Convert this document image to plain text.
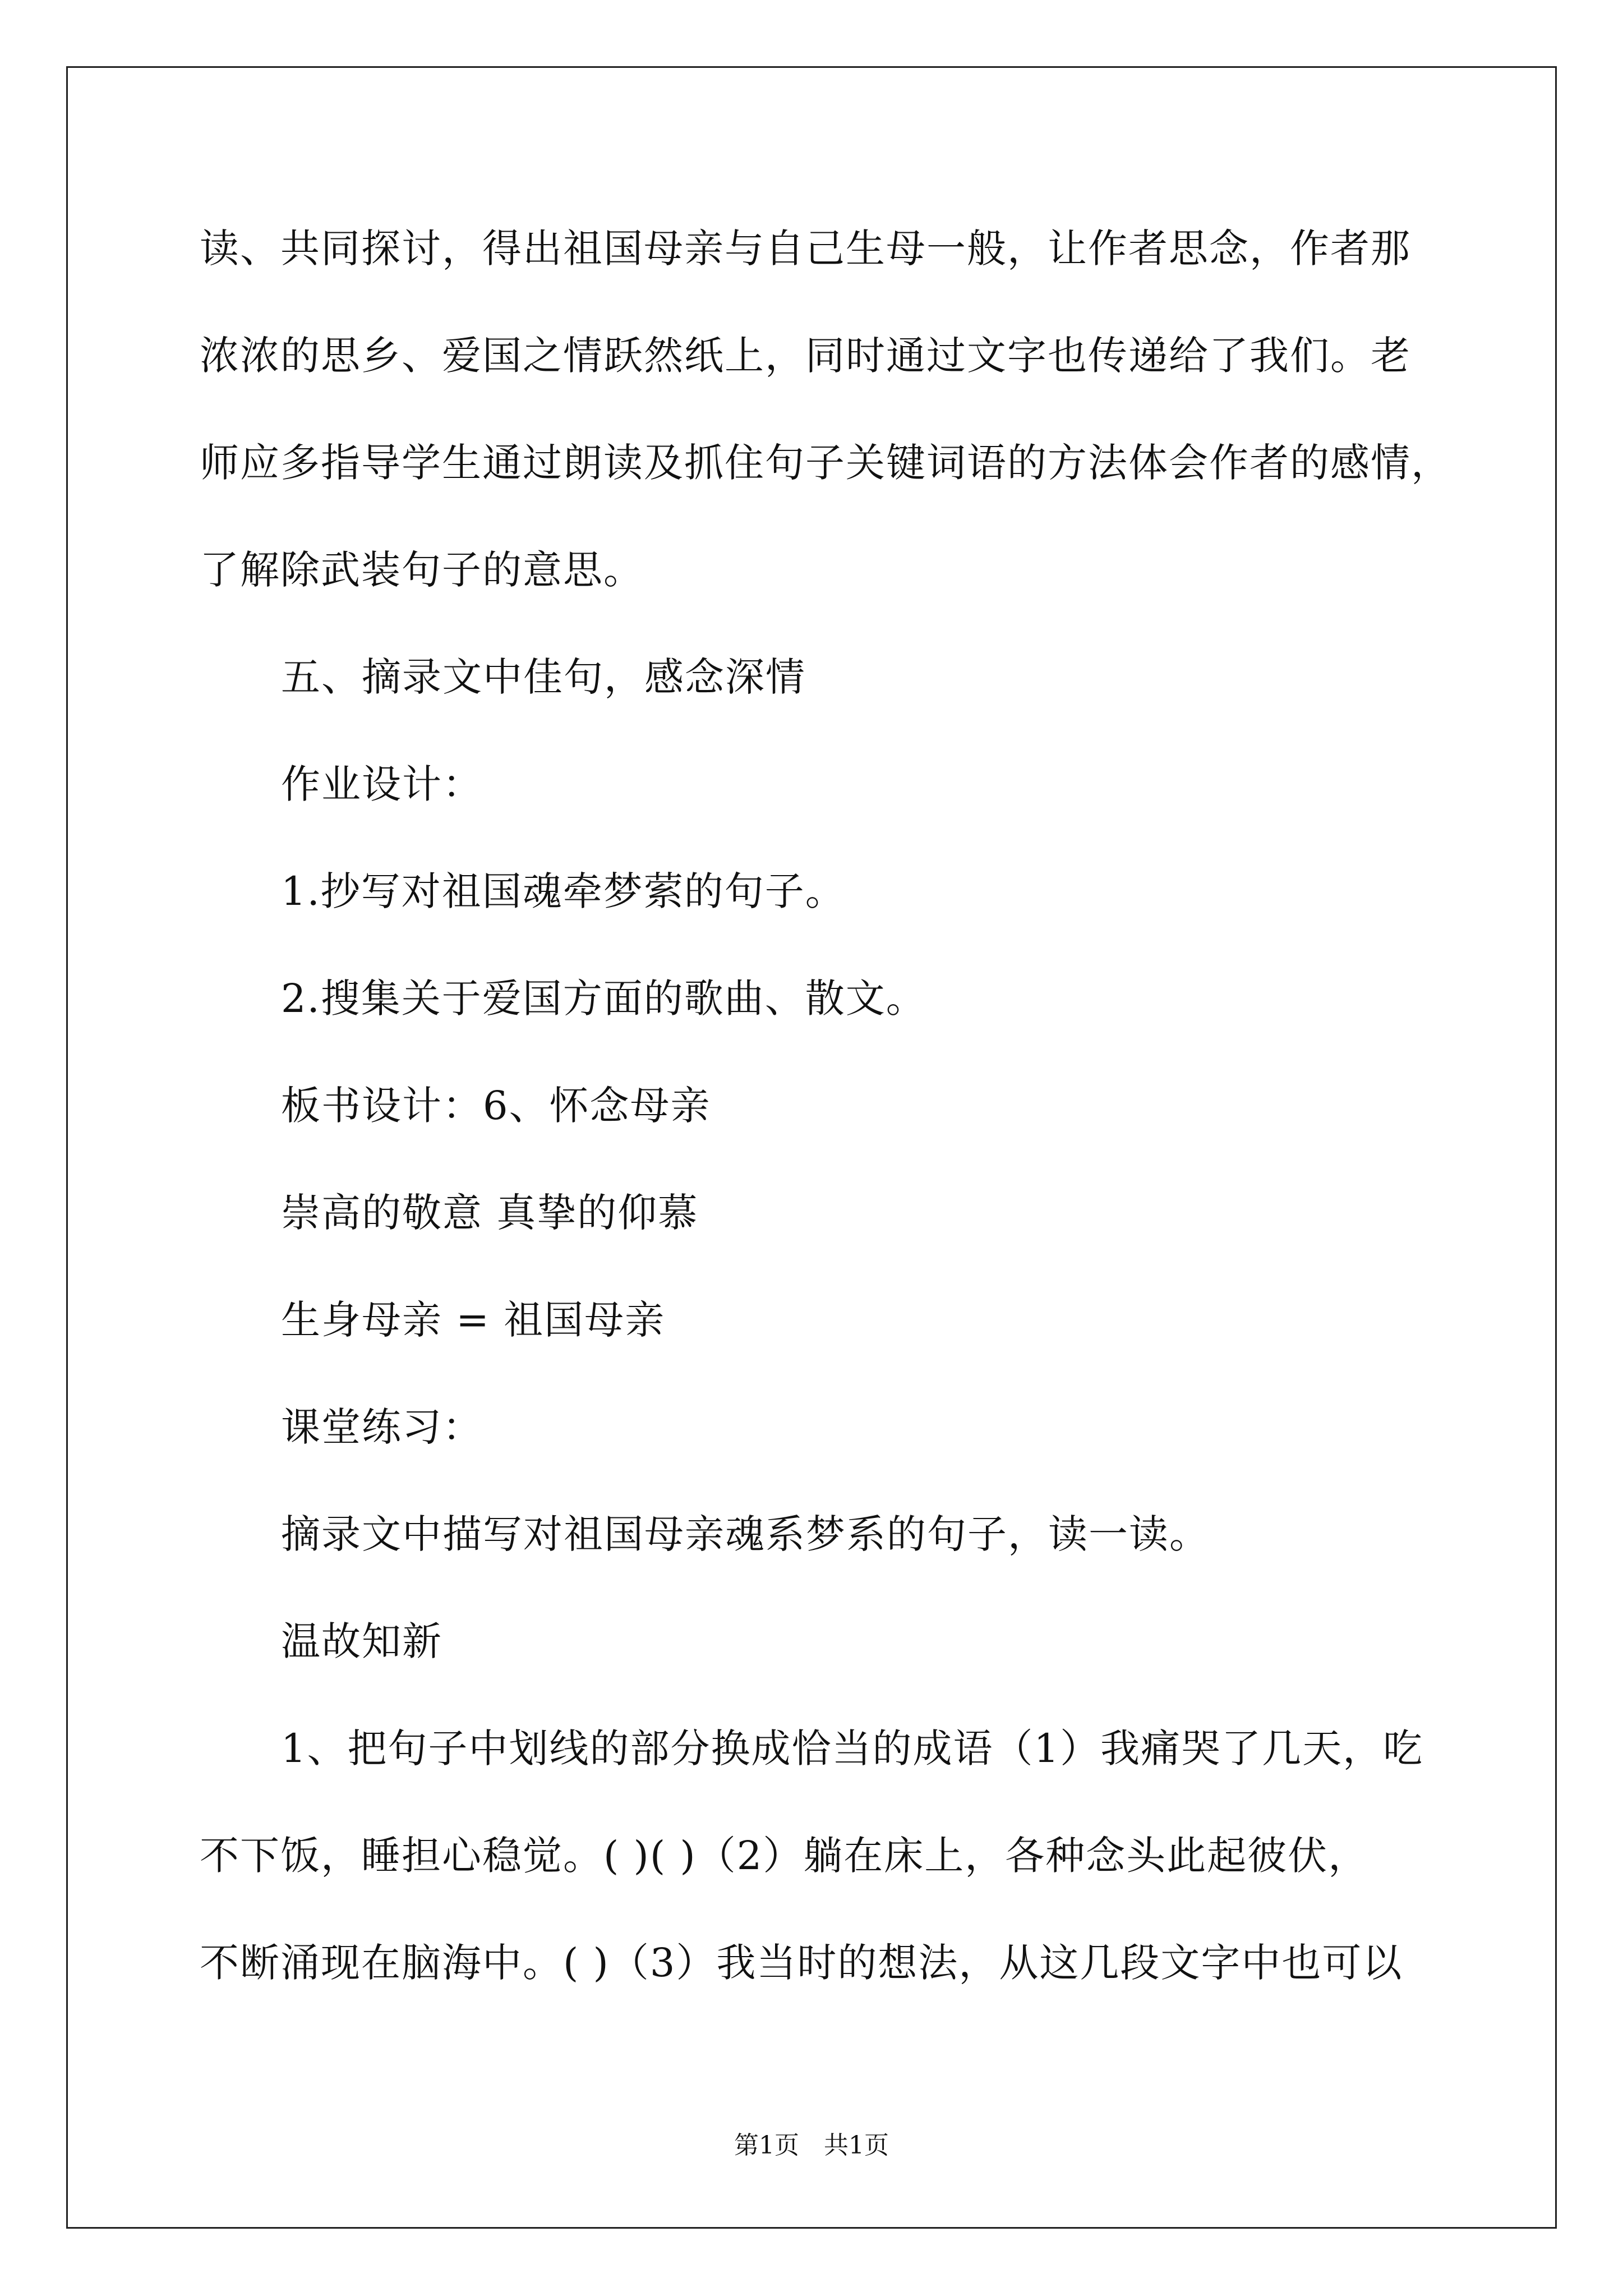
读、共同探讨，得出祖国母亲与自己生母一般，让作者思念，作者那
浓浓的思乡、爱国之情跃然纸上，同时通过文字也传递给了我们。老
师应多指导学生通过朗读及抓住句子关键词语的方法体会作者的感情，
了解除武装句子的意思。
五、摘录文中佳句，感念深情
作业设计：
1.抄写对祖国魂牵梦萦的句子。
2.搜集关于爱国方面的歌曲、散文。
板书设计：6、怀念母亲
崇高的敬意 真挚的仰慕
生身母亲 = 祖国母亲
课堂练习：
摘录文中描写对祖国母亲魂系梦系的句子，读一读。
温故知新
1、把句子中划线的部分换成恰当的成语（1）我痛哭了几天，吃
不下饭，睡担心稳觉。( )( )（2）躺在床上，各种念头此起彼伏，
不断涌现在脑海中。( )（3）我当时的想法，从这几段文字中也可以
第1页　共1页
